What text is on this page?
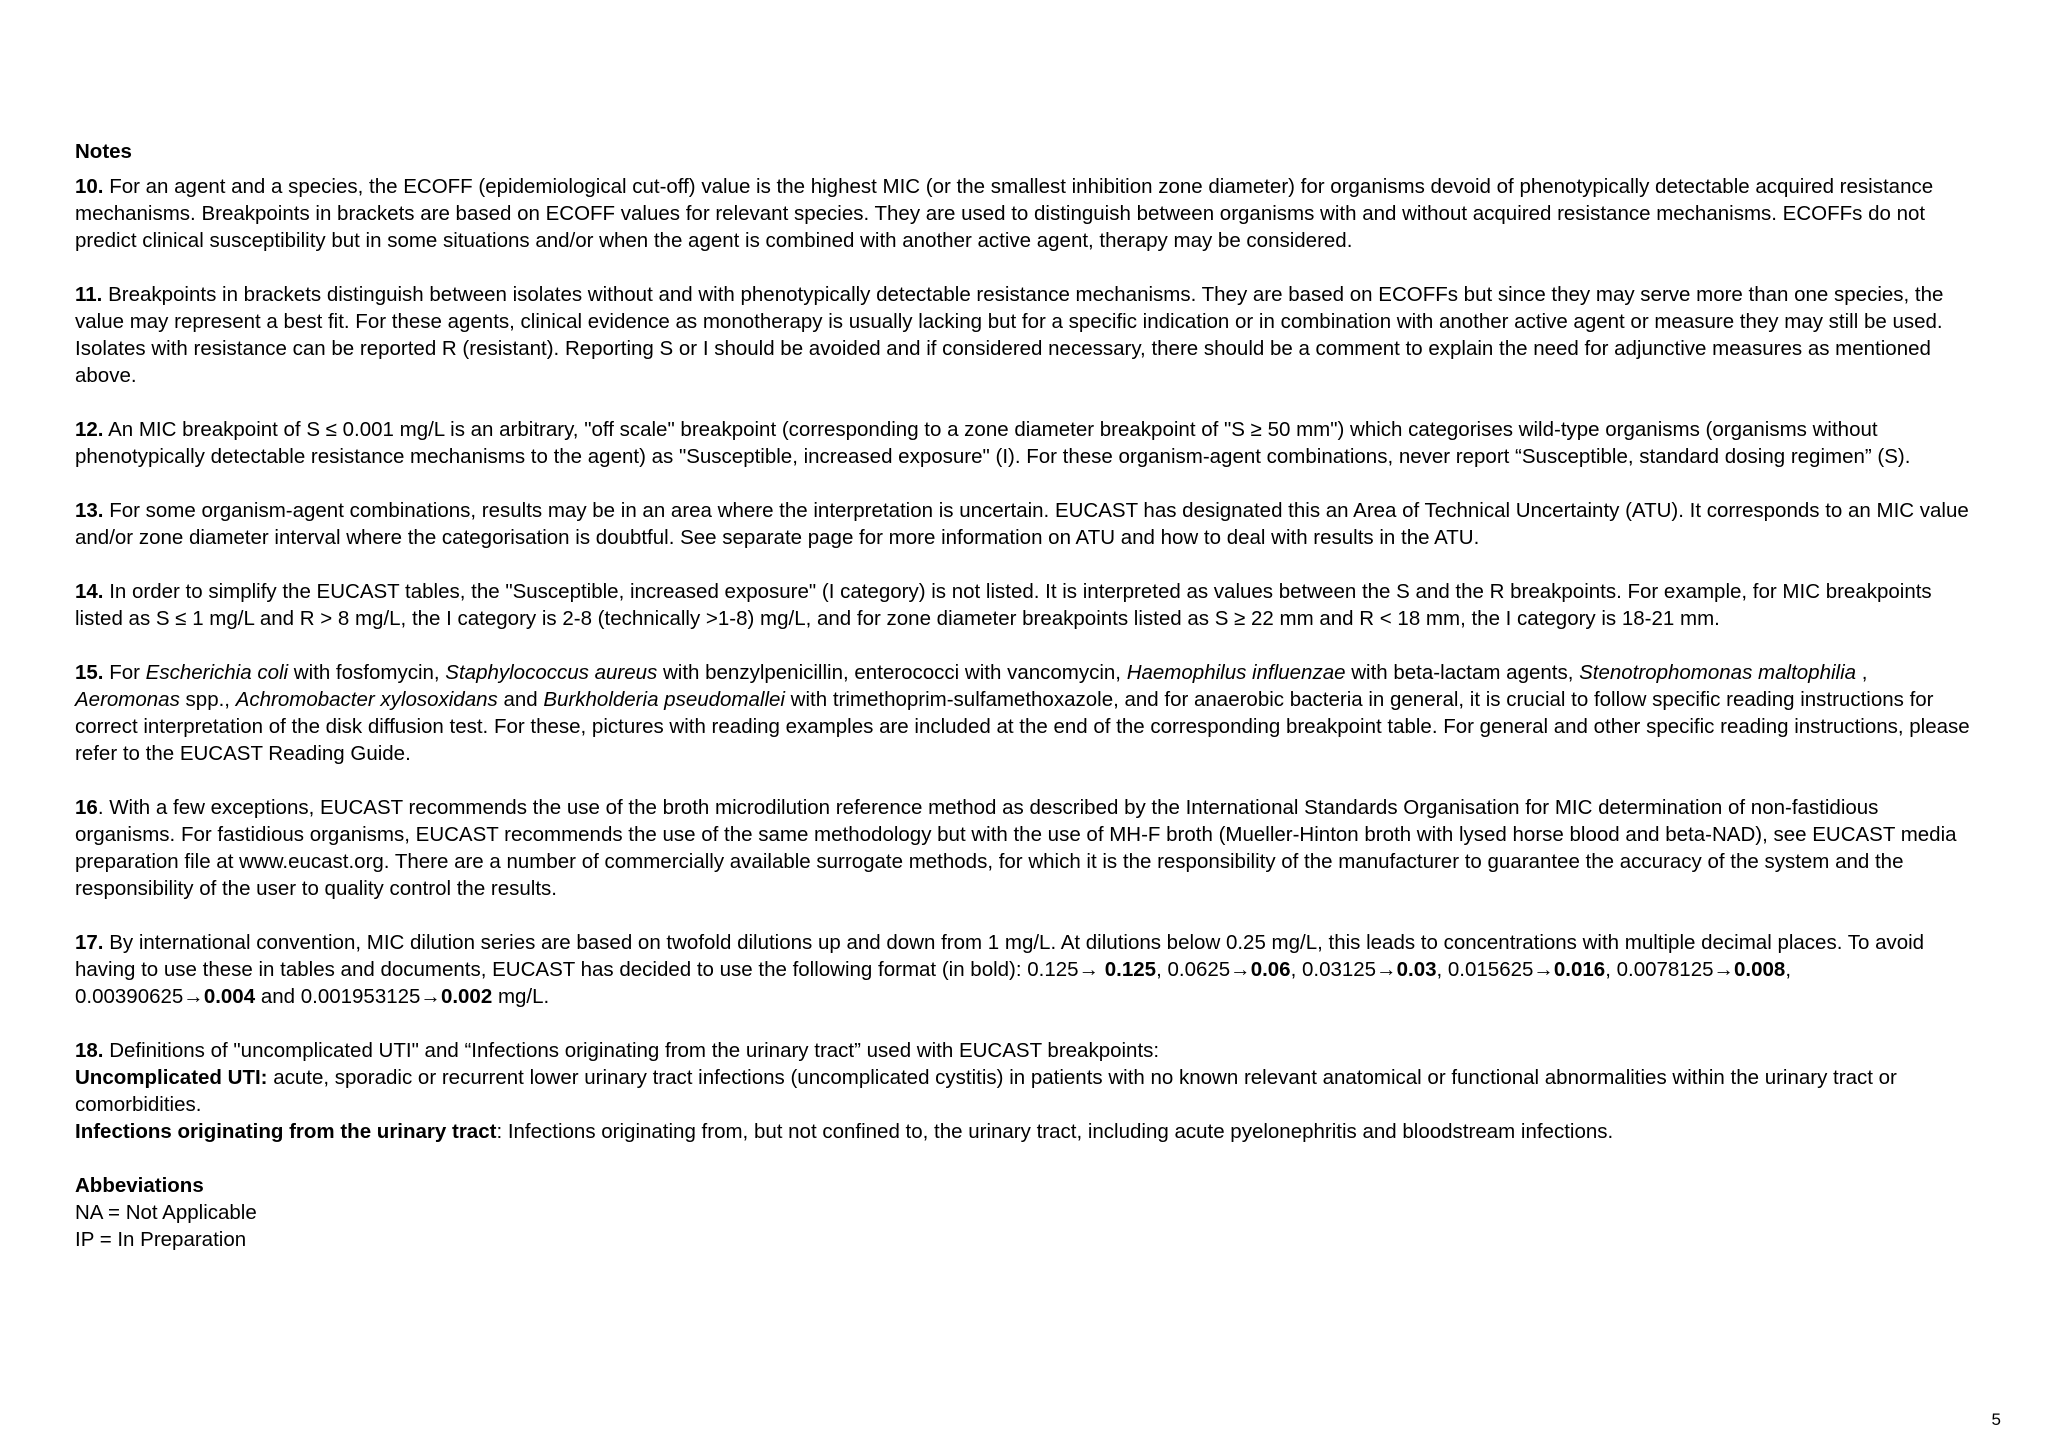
Notes

10. For an agent and a species, the ECOFF (epidemiological cut-off) value is the highest MIC (or the smallest inhibition zone diameter) for organisms devoid of phenotypically detectable acquired resistance mechanisms. Breakpoints in brackets are based on ECOFF values for relevant species. They are used to distinguish between organisms with and without acquired resistance mechanisms. ECOFFs do not predict clinical susceptibility but in some situations and/or when the agent is combined with another active agent, therapy may be considered.

11. Breakpoints in brackets distinguish between isolates without and with phenotypically detectable resistance mechanisms. They are based on ECOFFs but since they may serve more than one species, the value may represent a best fit. For these agents, clinical evidence as monotherapy is usually lacking but for a specific indication or in combination with another active agent or measure they may still be used. Isolates with resistance can be reported R (resistant). Reporting S or I should be avoided and if considered necessary, there should be a comment to explain the need for adjunctive measures as mentioned above.

12. An MIC breakpoint of S ≤ 0.001 mg/L is an arbitrary, "off scale" breakpoint (corresponding to a zone diameter breakpoint of "S ≥ 50 mm") which categorises wild-type organisms (organisms without phenotypically detectable resistance mechanisms to the agent) as "Susceptible, increased exposure" (I). For these organism-agent combinations, never report “Susceptible, standard dosing regimen” (S).

13. For some organism-agent combinations, results may be in an area where the interpretation is uncertain. EUCAST has designated this an Area of Technical Uncertainty (ATU). It corresponds to an MIC value and/or zone diameter interval where the categorisation is doubtful. See separate page for more information on ATU and how to deal with results in the ATU.

14. In order to simplify the EUCAST tables, the "Susceptible, increased exposure" (I category) is not listed. It is interpreted as values between the S and the R breakpoints. For example, for MIC breakpoints listed as S ≤ 1 mg/L and R > 8 mg/L, the I category is 2-8 (technically >1-8) mg/L, and for zone diameter breakpoints listed as S ≥ 22 mm and R < 18 mm, the I category is 18-21 mm.

15. For Escherichia coli with fosfomycin, Staphylococcus aureus with benzylpenicillin, enterococci with vancomycin, Haemophilus influenzae with beta-lactam agents, Stenotrophomonas maltophilia , Aeromonas spp., Achromobacter xylosoxidans and Burkholderia pseudomallei with trimethoprim-sulfamethoxazole, and for anaerobic bacteria in general, it is crucial to follow specific reading instructions for correct interpretation of the disk diffusion test. For these, pictures with reading examples are included at the end of the corresponding breakpoint table. For general and other specific reading instructions, please refer to the EUCAST Reading Guide.

16. With a few exceptions, EUCAST recommends the use of the broth microdilution reference method as described by the International Standards Organisation for MIC determination of non-fastidious organisms. For fastidious organisms, EUCAST recommends the use of the same methodology but with the use of MH-F broth (Mueller-Hinton broth with lysed horse blood and beta-NAD), see EUCAST media preparation file at www.eucast.org. There are a number of commercially available surrogate methods, for which it is the responsibility of the manufacturer to guarantee the accuracy of the system and the responsibility of the user to quality control the results.

17. By international convention, MIC dilution series are based on twofold dilutions up and down from 1 mg/L. At dilutions below 0.25 mg/L, this leads to concentrations with multiple decimal places. To avoid having to use these in tables and documents, EUCAST has decided to use the following format (in bold): 0.125→ 0.125, 0.0625→0.06, 0.03125→0.03, 0.015625→0.016, 0.0078125→0.008, 0.00390625→0.004 and 0.001953125→0.002 mg/L.

18. Definitions of "uncomplicated UTI" and “Infections originating from the urinary tract” used with EUCAST breakpoints:
Uncomplicated UTI: acute, sporadic or recurrent lower urinary tract infections (uncomplicated cystitis) in patients with no known relevant anatomical or functional abnormalities within the urinary tract or comorbidities.
Infections originating from the urinary tract: Infections originating from, but not confined to, the urinary tract, including acute pyelonephritis and bloodstream infections.

Abbeviations
NA = Not Applicable
IP = In Preparation
5
